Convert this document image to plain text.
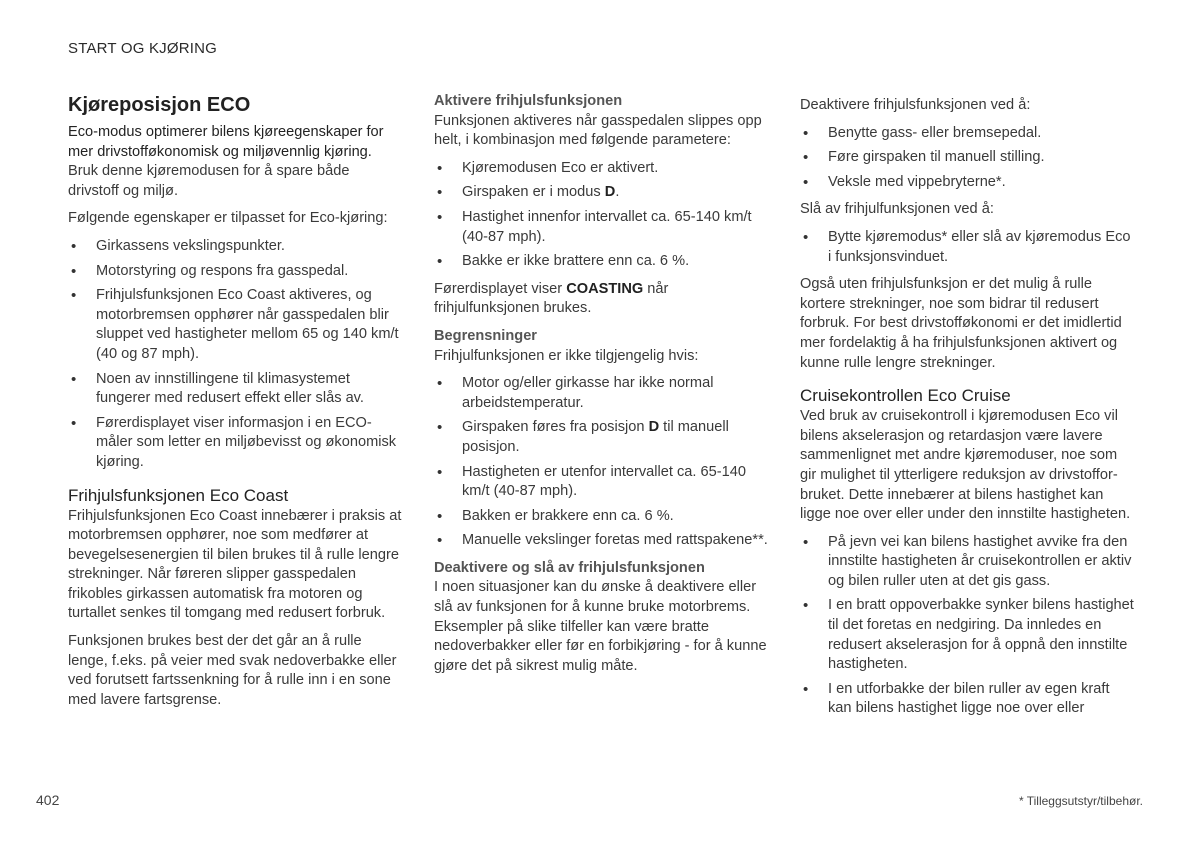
START OG KJØRING
Kjøreposisjon ECO

Eco-modus optimerer bilens kjøreegenskaper for mer drivstofføkonomisk og miljøvennlig kjøring.

Bruk denne kjøremodusen for å spare både drivstoff og miljø.

Følgende egenskaper er tilpasset for Eco-kjøring:

• Girkassens vekslingspunkter.
• Motorstyring og respons fra gasspedal.
• Frihjulsfunksjonen Eco Coast aktiveres, og motorbremsen opphører når gasspedalen blir sluppet ved hastigheter mellom 65 og 140 km/t (40 og 87 mph).
• Noen av innstillingene til klimasystemet fungerer med redusert effekt eller slås av.
• Førerdisplayet viser informasjon i en ECO-måler som letter en miljøbevisst og økonomisk kjøring.
Frihjulsfunksjonen Eco Coast

Frihjulsfunksjonen Eco Coast innebærer i praksis at motorbremsen opphører, noe som medfører at bevegelsesenergien til bilen brukes til å rulle lengre strekninger. Når føreren slipper gasspedalen frikobles girkassen automatisk fra motoren og turtallet senkes til tomgang med redusert forbruk.

Funksjonen brukes best der det går an å rulle lenge, f.eks. på veier med svak nedoverbakke eller ved forutsett fartssenkning for å rulle inn i en sone med lavere fartsgrense.

Aktivere frihjulsfunksjonen

Funksjonen aktiveres når gasspedalen slippes opp helt, i kombinasjon med følgende parametere:

• Kjøremodusen Eco er aktivert.
• Girspaken er i modus D.
• Hastighet innenfor intervallet ca. 65-140 km/t (40-87 mph).
• Bakke er ikke brattere enn ca. 6 %.

Førerdisplayet viser COASTING når frihjulfunksjonen brukes.

Begrensninger

Frihjulfunksjonen er ikke tilgjengelig hvis:

• Motor og/eller girkasse har ikke normal arbeidstemperatur.
• Girspaken føres fra posisjon D til manuell posisjon.
• Hastigheten er utenfor intervallet ca. 65-140 km/t (40-87 mph).
• Bakken er brakkere enn ca. 6 %.
• Manuelle vekslinger foretas med rattspakene**.
Deaktivere og slå av frihjulsfunksjonen

I noen situasjoner kan du ønske å deaktivere eller slå av funksjonen for å kunne bruke motorbrems. Eksempler på slike tilfeller kan være bratte nedoverbakker eller før en forbikjøring - for å kunne gjøre det på sikrest mulig måte.

Deaktivere frihjulsfunksjonen ved å:

• Benytte gass- eller bremsepedal.
• Føre girspaken til manuell stilling.
• Veksle med vippebryterne*.

Slå av frihjulfunksjonen ved å:

• Bytte kjøremodus* eller slå av kjøremodus Eco i funksjonsvinduet.

Også uten frihjulsfunksjon er det mulig å rulle kortere strekninger, noe som bidrar til redusert forbruk. For best drivstofføkonomi er det imidlertid mer fordelaktig å ha frihjulsfunksjonen aktivert og kunne rulle lengre strekninger.

Cruisekontrollen Eco Cruise

Ved bruk av cruisekontroll i kjøremodusen Eco vil bilens akselerasjon og retardasjon være lavere sammenlignet met andre kjøremoduser, noe som gir mulighet til ytterligere reduksjon av drivstoffor-bruket. Dette innebærer at bilens hastighet kan ligge noe over eller under den innstilte hastigheten.

• På jevn vei kan bilens hastighet avvike fra den innstilte hastigheten år cruisekontrollen er aktiv og bilen ruller uten at det gis gass.
• I en bratt oppoverbakke synker bilens hastighet til det foretas en nedgiring. Da innledes en redusert akselerasjon for å oppnå den innstilte hastigheten.
• I en utforbakke der bilen ruller av egen kraft kan bilens hastighet ligge noe over eller
402	* Tilleggsutstyr/tilbehør.
